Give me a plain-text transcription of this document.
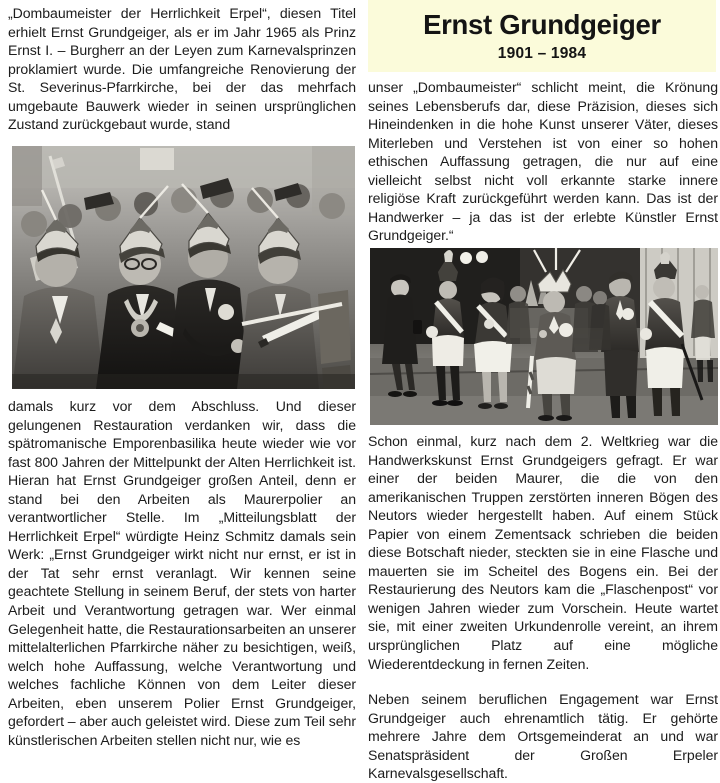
Ernst Grundgeiger
1901 – 1984

„Dombaumeister der Herrlichkeit Erpel“, diesen Titel erhielt Ernst Grundgeiger, als er im Jahr 1965 als Prinz Ernst I. – Burgherr an der Leyen zum Karnevalsprinzen proklamiert wurde. Die umfangreiche Renovierung der St. Severinus-Pfarrkirche, bei der das mehrfach umgebaute Bauwerk wieder in seinen ursprünglichen Zustand zurückgebaut wurde, stand

damals kurz vor dem Abschluss. Und dieser gelungenen Restauration verdanken wir, dass die spätromanische Emporenbasilika heute wieder wie vor fast 800 Jahren der Mittelpunkt der Alten Herrlichkeit ist. Hieran hat Ernst Grundgeiger großen Anteil, denn er stand bei den Arbeiten als Maurerpolier an verantwortlicher Stelle. Im „Mitteilungsblatt der Herrlichkeit Erpel“ würdigte Heinz Schmitz damals sein Werk: „Ernst Grundgeiger wirkt nicht nur ernst, er ist in der Tat sehr ernst veranlagt. Wir kennen seine geachtete Stellung in seinem Beruf, der stets von harter Arbeit und Verantwortung getragen war. Wer einmal Gelegenheit hatte, die Restaurationsarbeiten an unserer mittelalterlichen Pfarrkirche näher zu besichtigen, weiß, welch hohe Auffassung, welche Verantwortung und welches fachliche Können von dem Leiter dieser Arbeiten, eben unserem Polier Ernst Grundgeiger, gefordert – aber auch geleistet wird. Diese zum Teil sehr künstlerischen Arbeiten stellen nicht nur, wie es

unser „Dombaumeister“ schlicht meint, die Krönung seines Lebensberufs dar, diese Präzision, dieses sich Hineindenken in die hohe Kunst unserer Väter, dieses Miterleben und Verstehen ist von einer so hohen ethischen Auffassung getragen, die nur auf eine vielleicht selbst nicht voll erkannte starke innere religiöse Kraft zurückgeführt werden kann. Das ist der Handwerker – ja das ist der erlebte Künstler Ernst Grundgeiger.“

Schon einmal, kurz nach dem 2. Weltkrieg war die Handwerkskunst Ernst Grundgeigers gefragt. Er war einer der beiden Maurer, die die von den amerikanischen Truppen zerstörten inneren Bögen des Neutors wieder hergestellt haben. Auf einem Stück Papier von einem Zementsack schrieben die beiden diese Botschaft nieder, steckten sie in eine Flasche und mauerten sie im Scheitel des Bogens ein. Bei der Restaurierung des Neutors kam die „Flaschenpost“ vor wenigen Jahren wieder zum Vorschein. Heute wartet sie, mit einer zweiten Urkundenrolle vereint, an ihrem ursprünglichen Platz auf eine mögliche Wiederentdeckung in fernen Zeiten.

Neben seinem beruflichen Engagement war Ernst Grundgeiger auch ehrenamtlich tätig. Er gehörte mehrere Jahre dem Ortsgemeinderat an und war Senatspräsident der Großen Erpeler Karnevalsgesellschaft.
